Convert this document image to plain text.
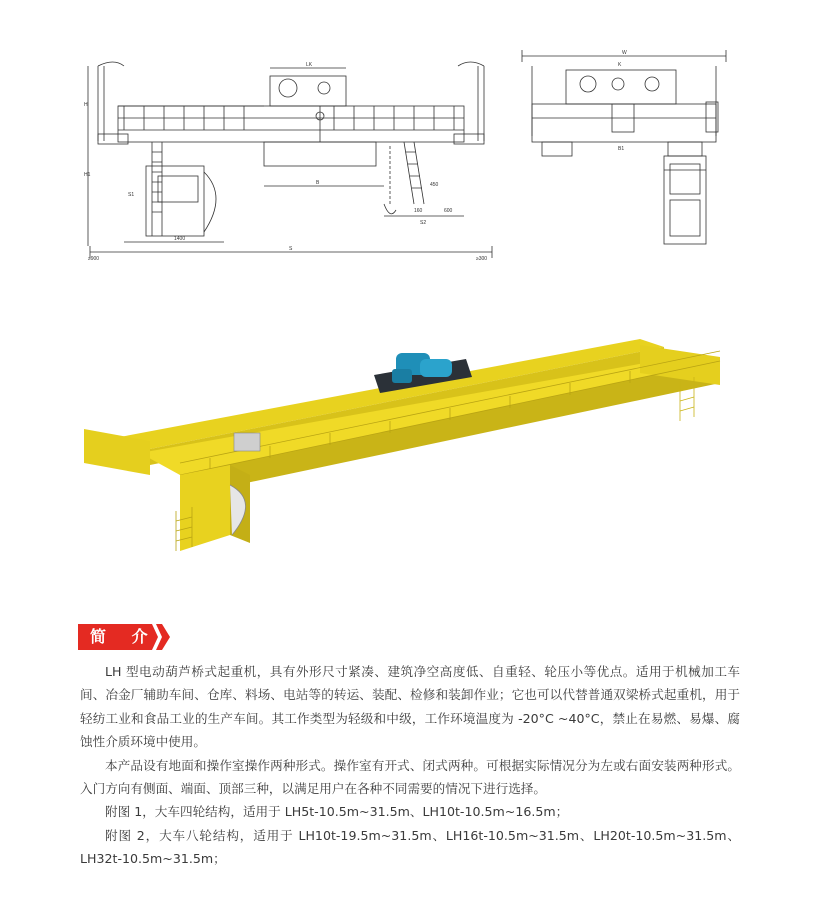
≥900	≥300
S
LK
1400
S1
S2
160	600
450
H
H1
B
W
K
B1
简 介

LH 型电动葫芦桥式起重机，具有外形尺寸紧凑、建筑净空高度低、自重轻、轮压小等优点。适用于机械加工车间、冶金厂辅助车间、仓库、料场、电站等的转运、装配、检修和装卸作业；它也可以代替普通双梁桥式起重机，用于轻纺工业和食品工业的生产车间。其工作类型为轻级和中级，工作环境温度为 -20°C ~40°C，禁止在易燃、易爆、腐蚀性介质环境中使用。

本产品设有地面和操作室操作两种形式。操作室有开式、闭式两种。可根据实际情况分为左或右面安装两种形式。入门方向有侧面、端面、顶部三种，以满足用户在各种不同需要的情况下进行选择。

附图 1，大车四轮结构，适用于 LH5t-10.5m~31.5m、LH10t-10.5m~16.5m；

附图 2，大车八轮结构，适用于 LH10t-19.5m~31.5m、LH16t-10.5m~31.5m、LH20t-10.5m~31.5m、LH32t-10.5m~31.5m；
